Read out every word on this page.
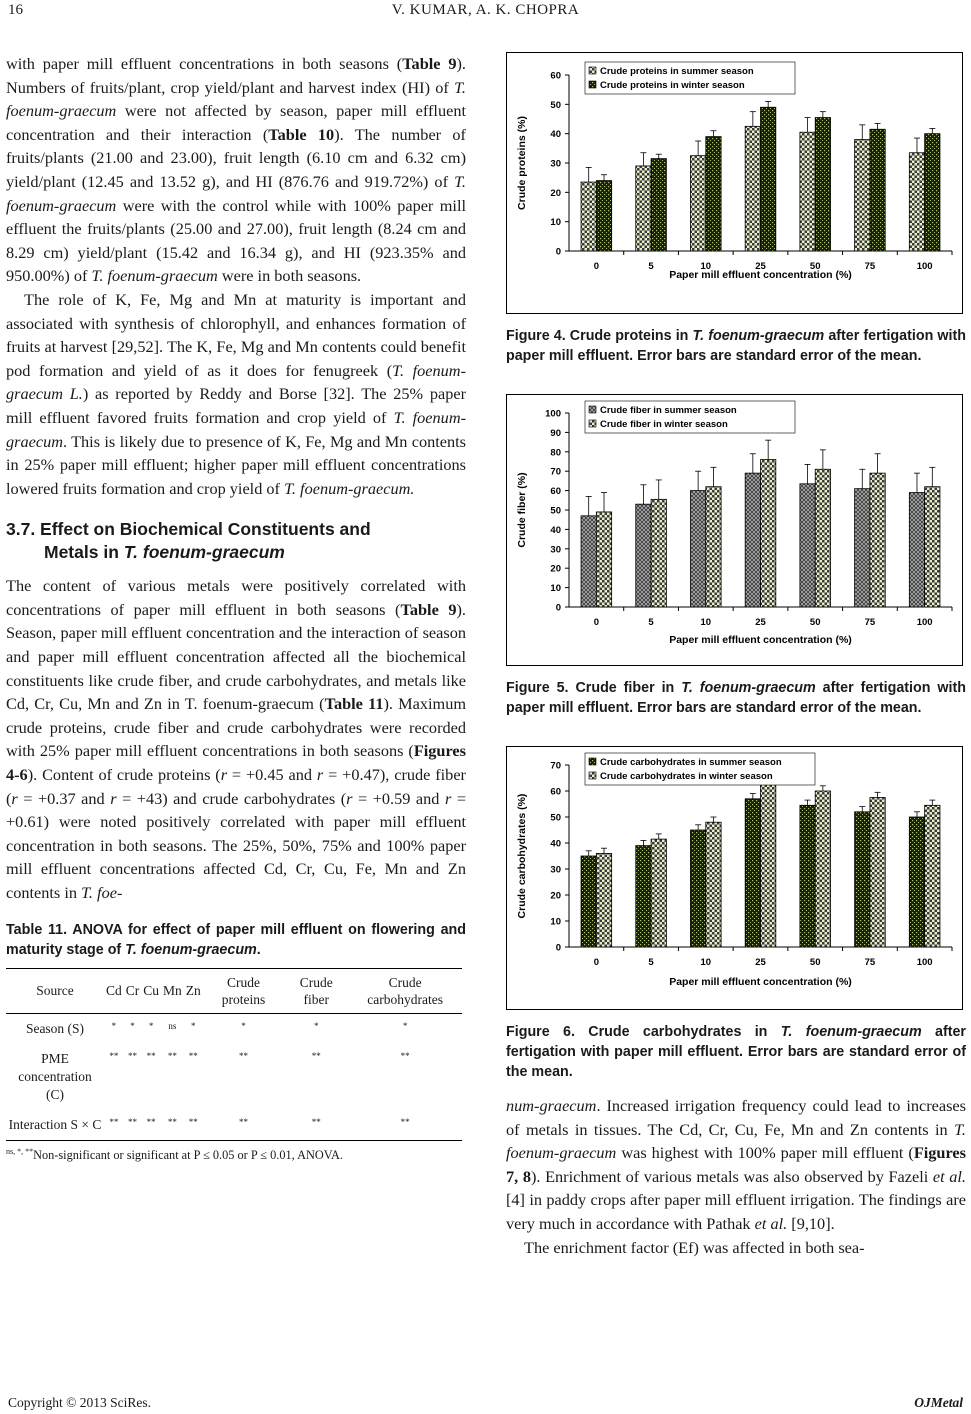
16	V. KUMAR, A. K. CHOPRA

with paper mill effluent concentrations in both seasons (Table 9). Numbers of fruits/plant, crop yield/plant and harvest index (HI) of T. foenum-graecum were not affected by season, paper mill effluent concentration and their interaction (Table 10). The number of fruits/plants (21.00 and 23.00), fruit length (6.10 cm and 6.32 cm) yield/plant (12.45 and 13.52 g), and HI (876.76 and 919.72%) of T. foenum-graecum were with the control while with 100% paper mill effluent the fruits/plants (25.00 and 27.00), fruit length (8.24 cm and 8.29 cm) yield/plant (15.42 and 16.34 g), and HI (923.35% and 950.00%) of T. foenum-graecum were in both seasons.

The role of K, Fe, Mg and Mn at maturity is important and associated with synthesis of chlorophyll, and enhances formation of fruits at harvest [29,52]. The K, Fe, Mg and Mn contents could benefit pod formation and yield of as it does for fenugreek (T. foenum-graecum L.) as reported by Reddy and Borse [32]. The 25% paper mill effluent favored fruits formation and crop yield of T. foenum-graecum. This is likely due to presence of K, Fe, Mg and Mn contents in 25% paper mill effluent; higher paper mill effluent concentrations lowered fruits formation and crop yield of T. foenum-graecum.

3.7. Effect on Biochemical Constituents and
Metals in T. foenum-graecum

The content of various metals were positively correlated with concentrations of paper mill effluent in both seasons (Table 9). Season, paper mill effluent concentration and the interaction of season and paper mill effluent concentration affected all the biochemical constituents like crude fiber, and crude carbohydrates, and metals like Cd, Cr, Cu, Mn and Zn in T. foenum-graecum (Table 11). Maximum crude proteins, crude fiber and crude carbohydrates were recorded with 25% paper mill effluent concentrations in both seasons (Figures 4-6). Content of crude proteins (r = +0.45 and r = +0.47), crude fiber (r = +0.37 and r = +43) and crude carbohydrates (r = +0.59 and r = +0.61) were noted positively correlated with paper mill effluent concentration in both seasons. The 25%, 50%, 75% and 100% paper mill effluent concentrations affected Cd, Cr, Cu, Fe, Mn and Zn contents in T. foe-

Table 11. ANOVA for effect of paper mill effluent on flowering and maturity stage of T. foenum-graecum.
Source	Cd	Cr	Cu	Mn	Zn	Crude proteins	Crude fiber	Crude carbohydrates
Season (S)	*	*	*	ns	*	*	*	*
PME concentration (C)	**	**	**	**	**	**	**	**
Interaction S × C	**	**	**	**	**	**	**	**
$^{ns, *, **}$Non-significant or significant at P ≤ 0.05 or P ≤ 0.01, ANOVA.
0
10
20
30
40
50
60
0	5	10	25	50	75	100
Paper mill effluent concentration (%)
Crude proteins (%)
Crude proteins in summer season
Crude proteins in winter season
Figure 4. Crude proteins in T. foenum-graecum after fertigation with paper mill effluent. Error bars are standard error of the mean.
0
10
20
30
40
50
60
70
80
90
100
0	5	10	25	50	75	100
Paper mill effluent concentration (%)
Crude fiber (%)
Crude fiber in summer season
Crude fiber in winter season
Figure 5. Crude fiber in T. foenum-graecum after fertigation with paper mill effluent. Error bars are standard error of the mean.
0
10
20
30
40
50
60
70
0	5	10	25	50	75	100
Paper mill effluent concentration (%)
Crude carbohydrates (%)
Crude carbohydrates in summer season
Crude carbohydrates in winter season
Figure 6. Crude carbohydrates in T. foenum-graecum after fertigation with paper mill effluent. Error bars are standard error of the mean.

num-graecum. Increased irrigation frequency could lead to increases of metals in tissues. The Cd, Cr, Cu, Fe, Mn and Zn contents in T. foenum-graecum was highest with 100% paper mill effluent (Figures 7, 8). Enrichment of various metals was also observed by Fazeli et al. [4] in paddy crops after paper mill effluent irrigation. The findings are very much in accordance with Pathak et al. [9,10].

The enrichment factor (Ef) was affected in both sea-

Copyright © 2013 SciRes.	OJMetal
